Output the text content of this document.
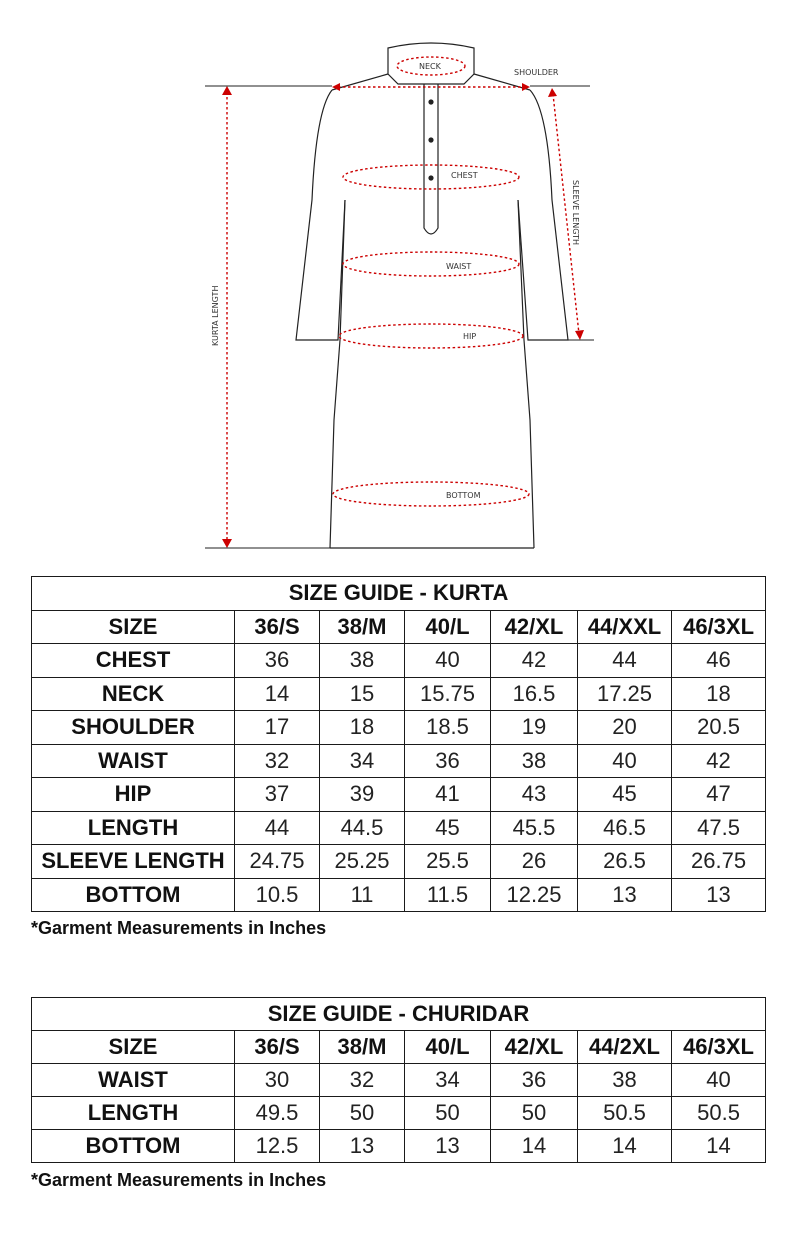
NECK
SHOULDER
CHEST
WAIST
HIP
BOTTOM
KURTA LENGTH
SLEEVE LENGTH
SIZE GUIDE - KURTA						
SIZE	36/S	38/M	40/L	42/XL	44/XXL	46/3XL
CHEST	36	38	40	42	44	46
NECK	14	15	15.75	16.5	17.25	18
SHOULDER	17	18	18.5	19	20	20.5
WAIST	32	34	36	38	40	42
HIP	37	39	41	43	45	47
LENGTH	44	44.5	45	45.5	46.5	47.5
SLEEVE LENGTH	24.75	25.25	25.5	26	26.5	26.75
BOTTOM	10.5	11	11.5	12.25	13	13
*Garment Measurements in Inches
SIZE GUIDE - CHURIDAR						
SIZE	36/S	38/M	40/L	42/XL	44/2XL	46/3XL
WAIST	30	32	34	36	38	40
LENGTH	49.5	50	50	50	50.5	50.5
BOTTOM	12.5	13	13	14	14	14
*Garment Measurements in Inches
